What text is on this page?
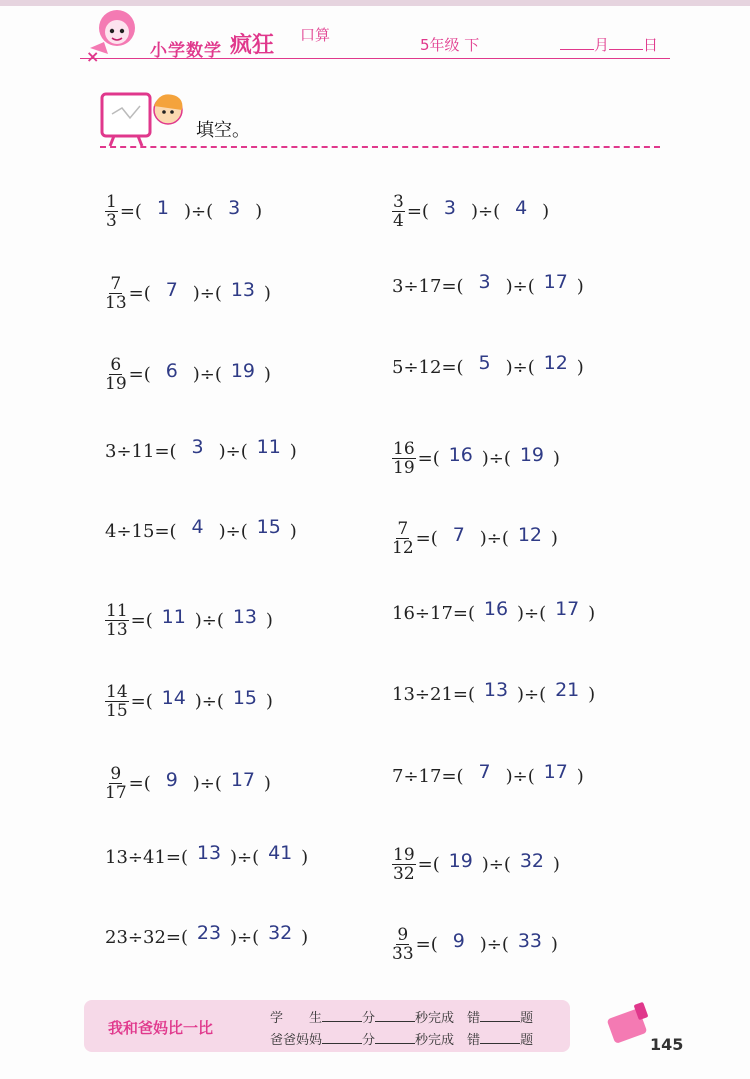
×	小学数学 疯狂 口算
5年级 下	月 日
填空。
$\frac{1}{3}$ = ( 1 ) ÷ ( 3 )	$\frac{3}{4}$ = ( 3 ) ÷ ( 4 )
$\frac{7}{13}$ = ( 7 ) ÷ ( 13 )	3÷17= ( 3 ) ÷ ( 17 )
$\frac{6}{19}$ = ( 6 ) ÷ ( 19 )	5÷12= ( 5 ) ÷ ( 12 )
3÷11= ( 3 ) ÷ ( 11 )	$\frac{16}{19}$ = ( 16 ) ÷ ( 19 )
4÷15= ( 4 ) ÷ ( 15 )	$\frac{7}{12}$ = ( 7 ) ÷ ( 12 )
$\frac{11}{13}$ = ( 11 ) ÷ ( 13 )	16÷17= ( 16 ) ÷ ( 17 )
$\frac{14}{15}$ = ( 14 ) ÷ ( 15 )	13÷21= ( 13 ) ÷ ( 21 )
$\frac{9}{17}$ = ( 9 ) ÷ ( 17 )	7÷17= ( 7 ) ÷ ( 17 )
13÷41= ( 13 ) ÷ ( 41 )	$\frac{19}{32}$ = ( 19 ) ÷ ( 32 )
23÷32= ( 23 ) ÷ ( 32 )	$\frac{9}{33}$ = ( 9 ) ÷ ( 33 )
我和爸妈比一比
学　　生	分	秒完成　 错	题
爸爸妈妈	分	秒完成　 错	题	145
